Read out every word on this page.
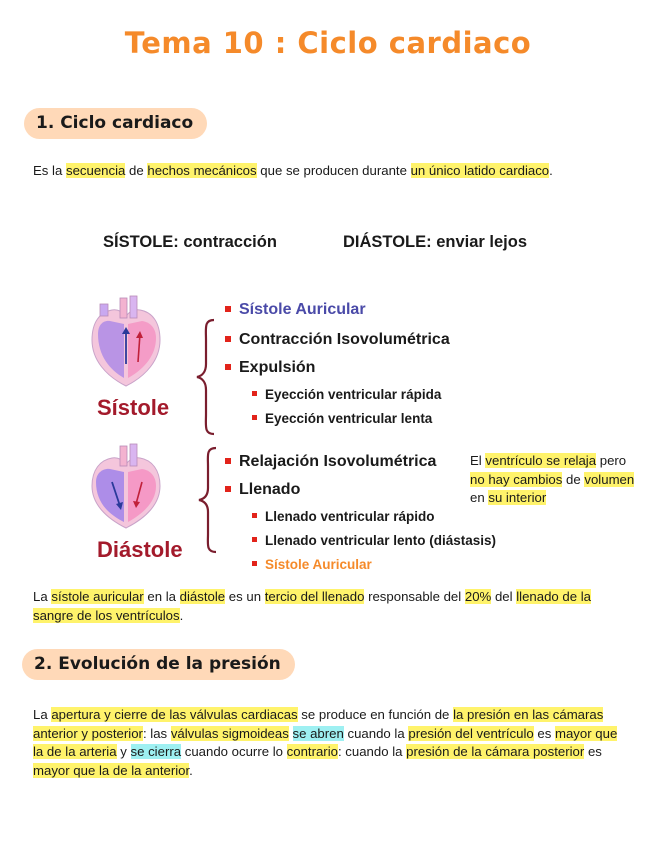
Tema 10 : Ciclo cardiaco
1. Ciclo cardiaco
Es la secuencia de hechos mecánicos que se producen durante un único latido cardiaco.
SÍSTOLE: contracción	DIÁSTOLE: enviar lejos
Sístole
Diástole
Sístole Auricular
Contracción Isovolumétrica
Expulsión
Eyección ventricular rápida
Eyección ventricular lenta
Relajación Isovolumétrica
Llenado
Llenado ventricular rápido
Llenado ventricular lento (diástasis)
Sístole Auricular
El ventrículo se relaja pero no hay cambios de volumen en su interior
La sístole auricular en la diástole es un tercio del llenado responsable del 20% del llenado de la sangre de los ventrículos.
2. Evolución de la presión
La apertura y cierre de las válvulas cardiacas se produce en función de la presión en las cámaras anterior y posterior: las válvulas sigmoideas se abren cuando la presión del ventrículo es mayor que la de la arteria y se cierra cuando ocurre lo contrario: cuando la presión de la cámara posterior es mayor que la de la anterior.
